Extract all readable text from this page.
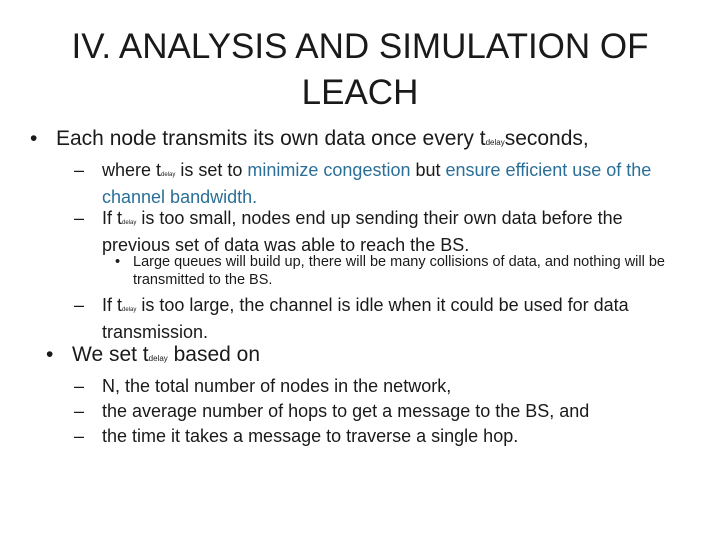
IV. ANALYSIS AND SIMULATION OF LEACH
• Each node transmits its own data once every tdelayseconds,
– where tdelay is set to minimize congestion but ensure efficient use of the channel bandwidth.
– If tdelay is too small, nodes end up sending their own data before the previous set of data was able to reach the BS.
• Large queues will build up, there will be many collisions of data, and nothing will be transmitted to the BS.
– If tdelay is too large, the channel is idle when it could be used for data transmission.
• We set tdelay based on
– N, the total number of nodes in the network,
– the average number of hops to get a message to the BS, and
– the time it takes a message to traverse a single hop.
